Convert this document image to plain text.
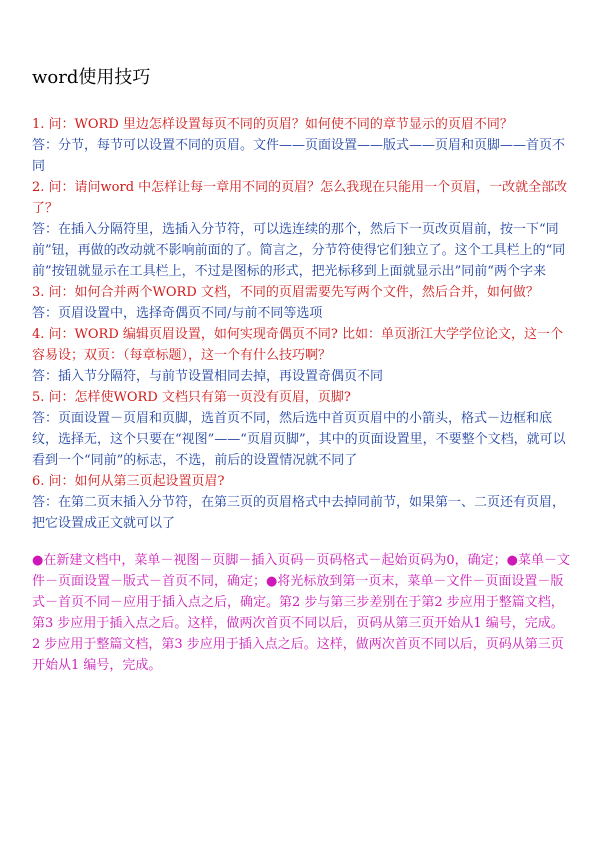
word使用技巧

1. 问：WORD 里边怎样设置每页不同的页眉？如何使不同的章节显示的页眉不同？

答：分节，每节可以设置不同的页眉。文件——页面设置——版式——页眉和页脚——首页不同

2. 问：请问word 中怎样让每一章用不同的页眉？怎么我现在只能用一个页眉，一改就全部改了？

答：在插入分隔符里，选插入分节符，可以选连续的那个，然后下一页改页眉前，按一下“同前”钮，再做的改动就不影响前面的了。简言之，分节符使得它们独立了。这个工具栏上的“同前”按钮就显示在工具栏上，不过是图标的形式，把光标移到上面就显示出”同前“两个字来

3. 问：如何合并两个WORD 文档，不同的页眉需要先写两个文件，然后合并，如何做？

答：页眉设置中，选择奇偶页不同/与前不同等选项

4. 问：WORD 编辑页眉设置，如何实现奇偶页不同? 比如：单页浙江大学学位论文，这一个容易设；双页：（每章标题），这一个有什么技巧啊？

答：插入节分隔符，与前节设置相同去掉，再设置奇偶页不同

5. 问：怎样使WORD 文档只有第一页没有页眉，页脚?

答：页面设置－页眉和页脚，选首页不同，然后选中首页页眉中的小箭头，格式－边框和底纹，选择无，这个只要在“视图”——“页眉页脚”，其中的页面设置里，不要整个文档，就可以看到一个“同前”的标志，不选，前后的设置情况就不同了

6. 问：如何从第三页起设置页眉?

答：在第二页末插入分节符，在第三页的页眉格式中去掉同前节，如果第一、二页还有页眉，把它设置成正文就可以了

●在新建文档中，菜单－视图－页脚－插入页码－页码格式－起始页码为0，确定；●菜单－文件－页面设置－版式－首页不同，确定；●将光标放到第一页末，菜单－文件－页面设置－版式－首页不同－应用于插入点之后，确定。第2 步与第三步差别在于第2 步应用于整篇文档，第3 步应用于插入点之后。这样，做两次首页不同以后，页码从第三页开始从1 编号，完成。

2 步应用于整篇文档，第3 步应用于插入点之后。这样，做两次首页不同以后，页码从第三页开始从1 编号，完成。
